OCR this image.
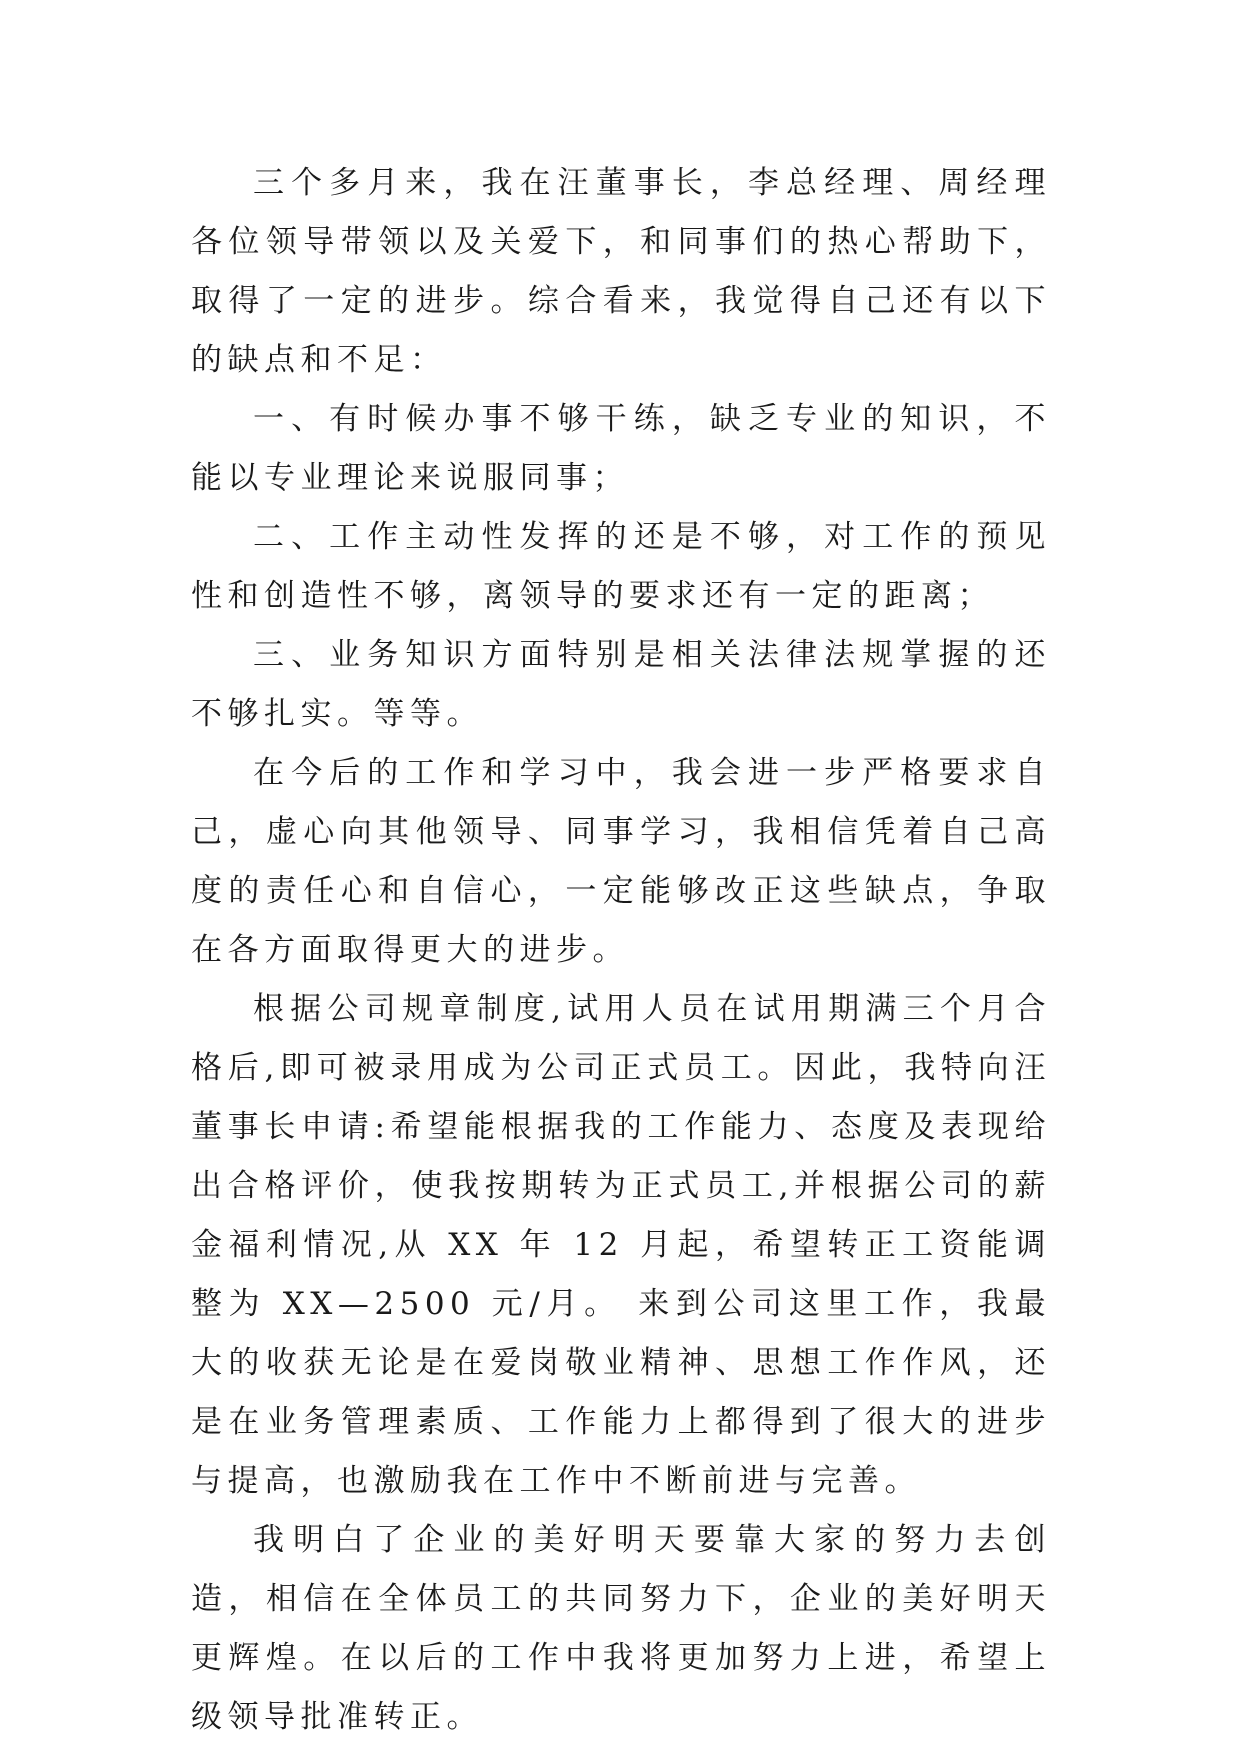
三个多月来，我在汪董事长，李总经理、周经理各位领导带领以及关爱下，和同事们的热心帮助下，取得了一定的进步。综合看来，我觉得自己还有以下的缺点和不足：

一、有时候办事不够干练，缺乏专业的知识，不能以专业理论来说服同事；

二、工作主动性发挥的还是不够，对工作的预见性和创造性不够，离领导的要求还有一定的距离；

三、业务知识方面特别是相关法律法规掌握的还不够扎实。等等。

在今后的工作和学习中，我会进一步严格要求自己，虚心向其他领导、同事学习，我相信凭着自己高度的责任心和自信心，一定能够改正这些缺点，争取在各方面取得更大的进步。

根据公司规章制度,试用人员在试用期满三个月合格后,即可被录用成为公司正式员工。因此，我特向汪董事长申请:希望能根据我的工作能力、态度及表现给出合格评价，使我按期转为正式员工,并根据公司的薪金福利情况,从 XX 年 12 月起，希望转正工资能调整为 XX—2500 元/月。 来到公司这里工作，我最大的收获无论是在爱岗敬业精神、思想工作作风，还是在业务管理素质、工作能力上都得到了很大的进步与提高，也激励我在工作中不断前进与完善。

我明白了企业的美好明天要靠大家的努力去创造，相信在全体员工的共同努力下，企业的美好明天更辉煌。在以后的工作中我将更加努力上进，希望上级领导批准转正。
